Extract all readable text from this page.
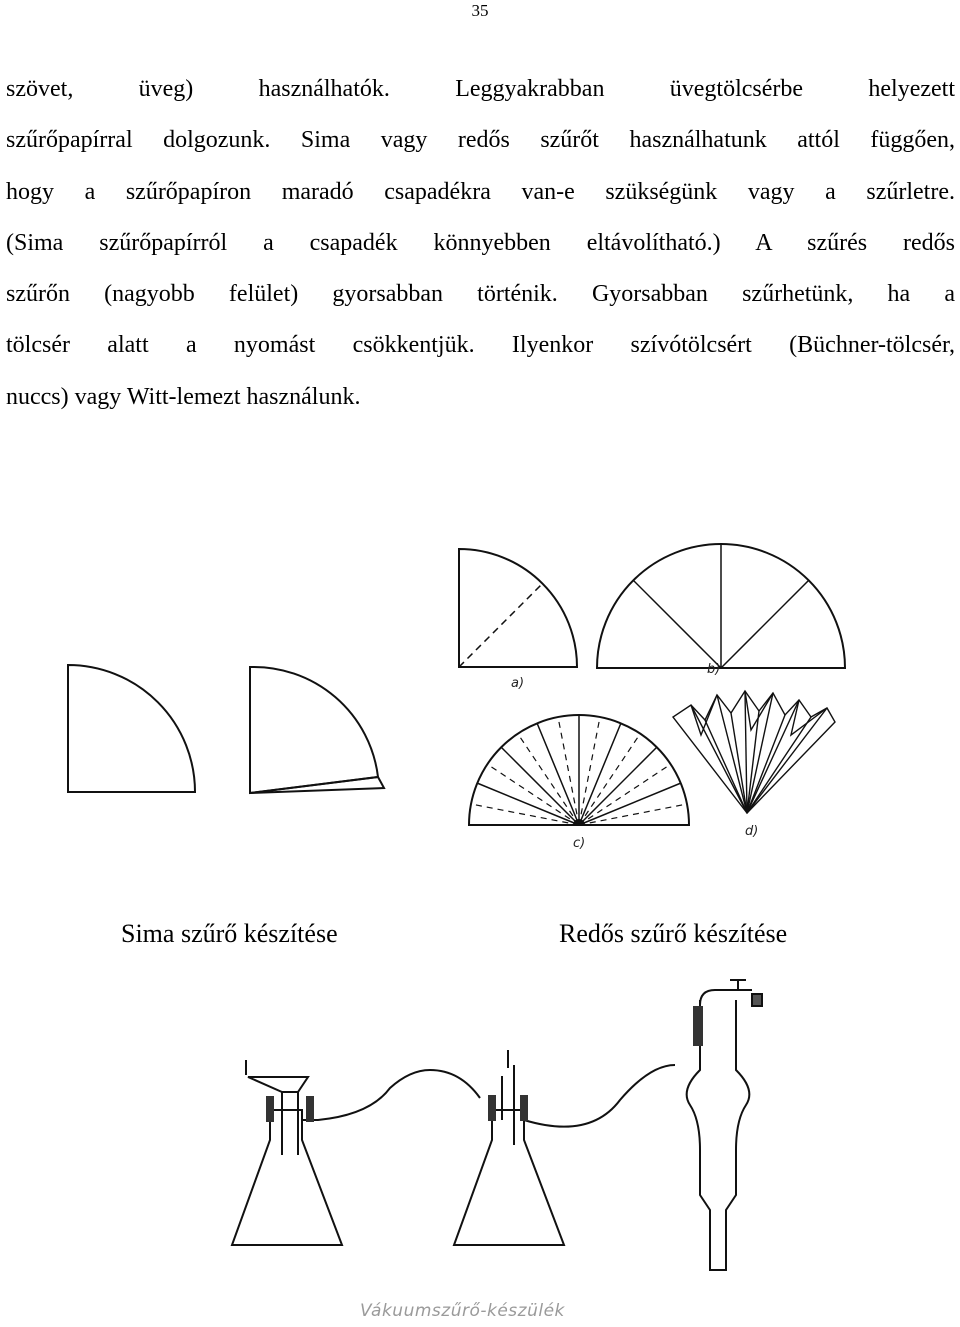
35
szövet, üveg) használhatók. Leggyakrabban üvegtölcsérbe helyezett
szűrőpapírral dolgozunk. Sima vagy redős szűrőt használhatunk attól függően,
hogy a szűrőpapíron maradó csapadékra van-e szükségünk vagy a szűrletre.
(Sima szűrőpapírról a csapadék könnyebben eltávolítható.) A szűrés redős
szűrőn (nagyobb felület) gyorsabban történik. Gyorsabban szűrhetünk, ha a
tölcsér alatt a nyomást csökkentjük. Ilyenkor szívótölcsért (Büchner-tölcsér,
nuccs) vagy Witt-lemezt használunk.
a)
b)
c)
d)
Sima szűrő készítése	Redős szűrő készítése
Vákuumszűrő-készülék
